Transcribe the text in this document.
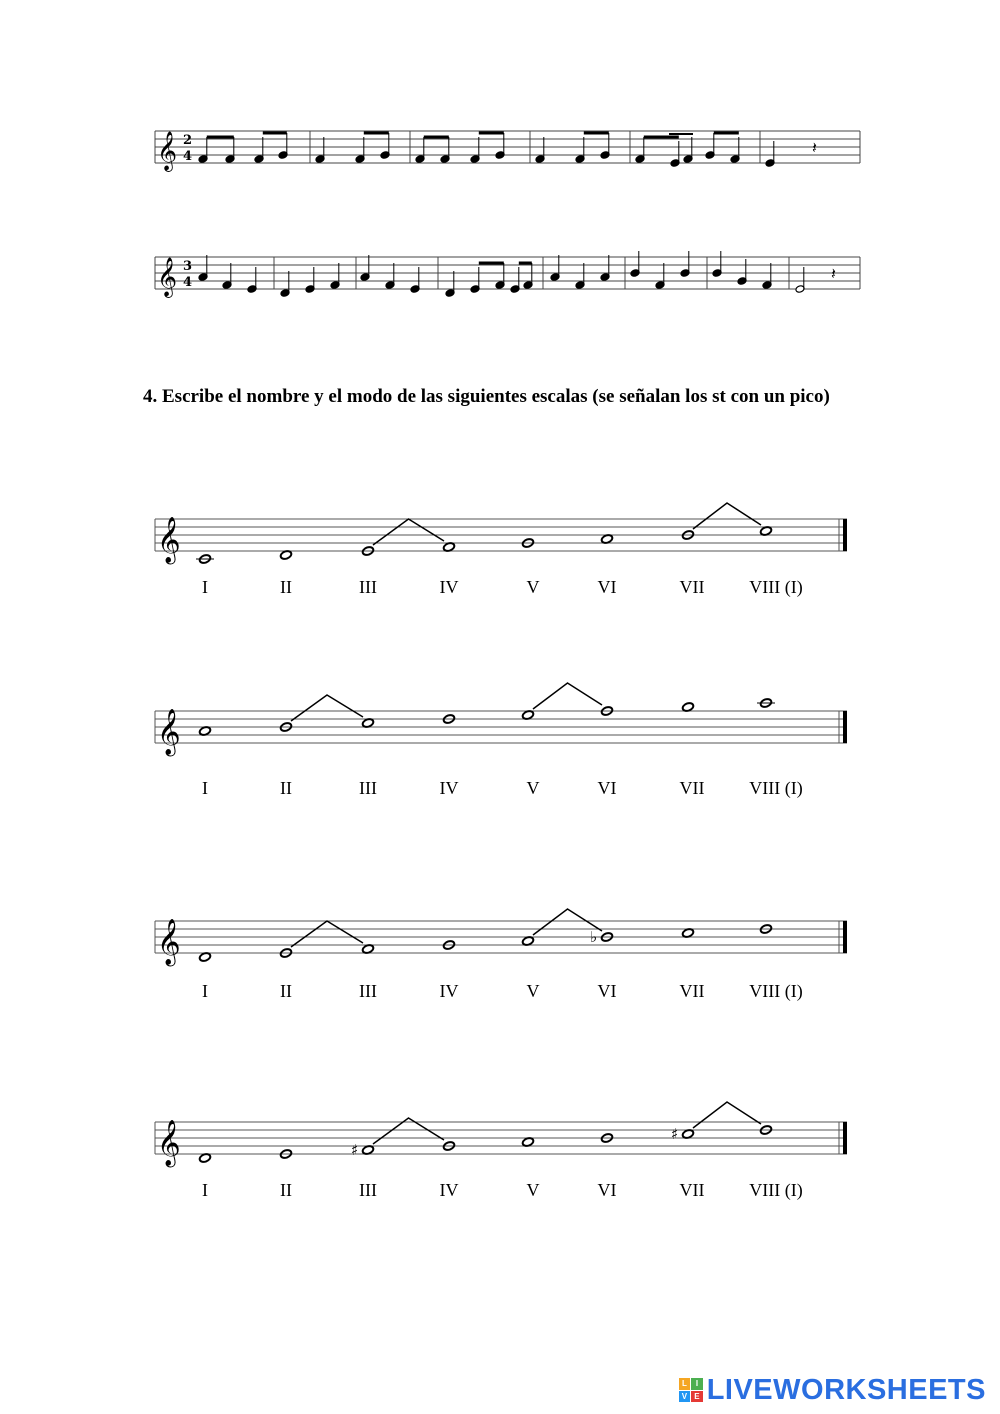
𝄞 2
4	𝄽
𝄞 3
4	𝄽
4. Escribe el nombre y el modo de las siguientes escalas (se señalan los st con un pico)
𝄞
I	II	III	IV	V	VI	VII VIII (I)
𝄞
I	II	III	IV	V	VI	VII VIII (I)
𝄞	♭
I	II	III	IV	V	VI	VII VIII (I)
𝄞	♯
♯
I	II	III	IV	V	VI	VII VIII (I)
L	I
V E LIVEWORKSHEETS
